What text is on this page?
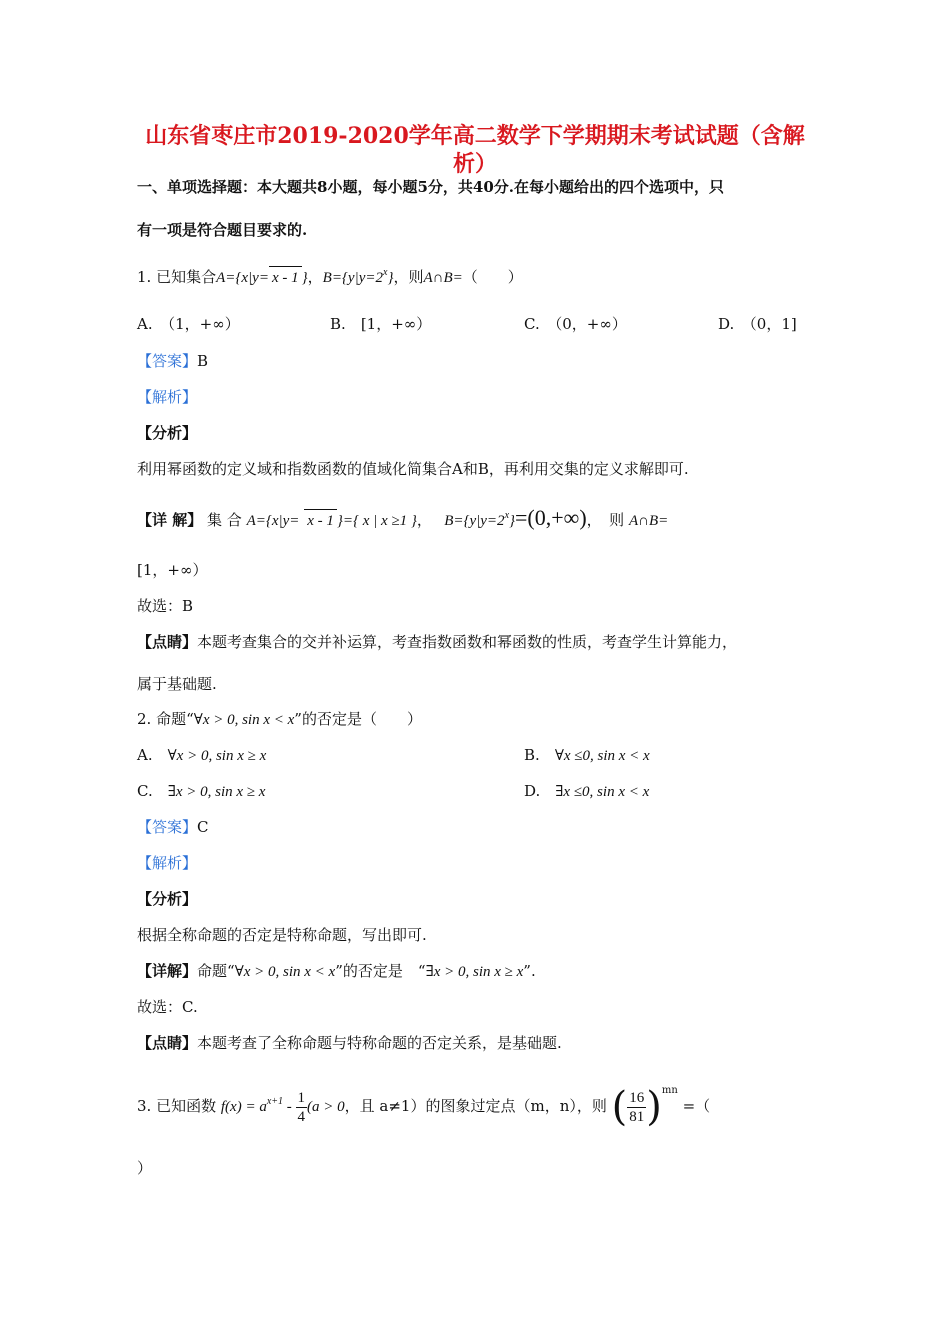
山东省枣庄市2019-2020学年高二数学下学期期末考试试题（含解
析）
一、单项选择题：本大题共8小题，每小题5分，共40分.在每小题给出的四个选项中，只
有一项是符合题目要求的.
1. 已知集合A={x|y= x - 1 }，$B=\{y|y=2^x\}$，则A∩B=（　　）
A.　 （1，+∞）	B.　 [1，+∞）	C.　 （0，+∞）	D.　 （0，1]
【答案】B
【解析】
【分析】
利用幂函数的定义域和指数函数的值域化简集合A和B，再利用交集的定义求解即可.
【详 解】 集 合 A={x|y= x - 1 }={ x | x ≥1 }，　 $B=\{y|y=2^x\}=(0,+\infty)$，　则 A∩B=
[1，+∞）
故选：B
【点睛】本题考查集合的交并补运算，考查指数函数和幂函数的性质，考查学生计算能力，
属于基础题.
2. 命题“∀x > 0, sin x < x”的否定是（　　）
A.　 ∀x > 0, sin x ≥ x	B.　 ∀x ≤0, sin x < x
C.　 ∃x > 0, sin x ≥ x	D.　 ∃x ≤0, sin x < x
【答案】C
【解析】
【分析】
根据全称命题的否定是特称命题，写出即可.
【详解】命题“∀x > 0, sin x < x”的否定是　“∃x > 0, sin x ≥ x”.
故选：C.
【点睛】本题考查了全称命题与特称命题的否定关系，是基础题.
3. 已知函数 $f(x) = a^{x+1} - \frac{1}{4} (a > 0$，且 a≠1）的图象过定点（m，n），则 ( $\frac{16}{81} )^{mn}$ =（
）
